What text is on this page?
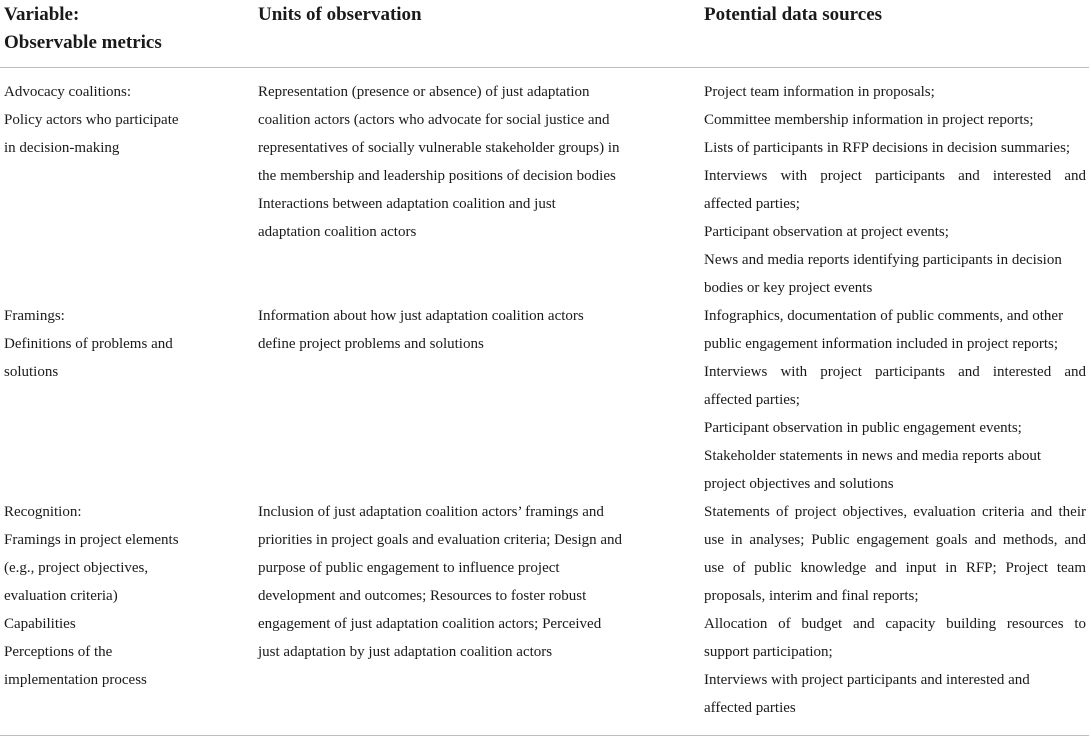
Variable:
Observable metrics
Units of observation	Potential data sources
Advocacy coalitions:
Policy actors who participate
in decision-making
Representation (presence or absence) of just adaptation
coalition actors (actors who advocate for social justice and
representatives of socially vulnerable stakeholder groups) in
the membership and leadership positions of decision bodies
Interactions between adaptation coalition and just
adaptation coalition actors
Project team information in proposals;
Committee membership information in project reports;
Lists of participants in RFP decisions in decision summaries;
Interviews with project participants and interested and
affected parties;
Participant observation at project events;
News and media reports identifying participants in decision
bodies or key project events
Framings:
Definitions of problems and
solutions
Information about how just adaptation coalition actors
define project problems and solutions
Infographics, documentation of public comments, and other
public engagement information included in project reports;
Interviews with project participants and interested and
affected parties;
Participant observation in public engagement events;
Stakeholder statements in news and media reports about
project objectives and solutions
Recognition:
Framings in project elements
(e.g., project objectives,
evaluation criteria)
Capabilities
Perceptions of the
implementation process
Inclusion of just adaptation coalition actors’ framings and
priorities in project goals and evaluation criteria; Design and
purpose of public engagement to influence project
development and outcomes; Resources to foster robust
engagement of just adaptation coalition actors; Perceived
just adaptation by just adaptation coalition actors
Statements of project objectives, evaluation criteria and their
use in analyses; Public engagement goals and methods, and
use of public knowledge and input in RFP; Project team
proposals, interim and final reports;
Allocation of budget and capacity building resources to
support participation;
Interviews with project participants and interested and
affected parties
